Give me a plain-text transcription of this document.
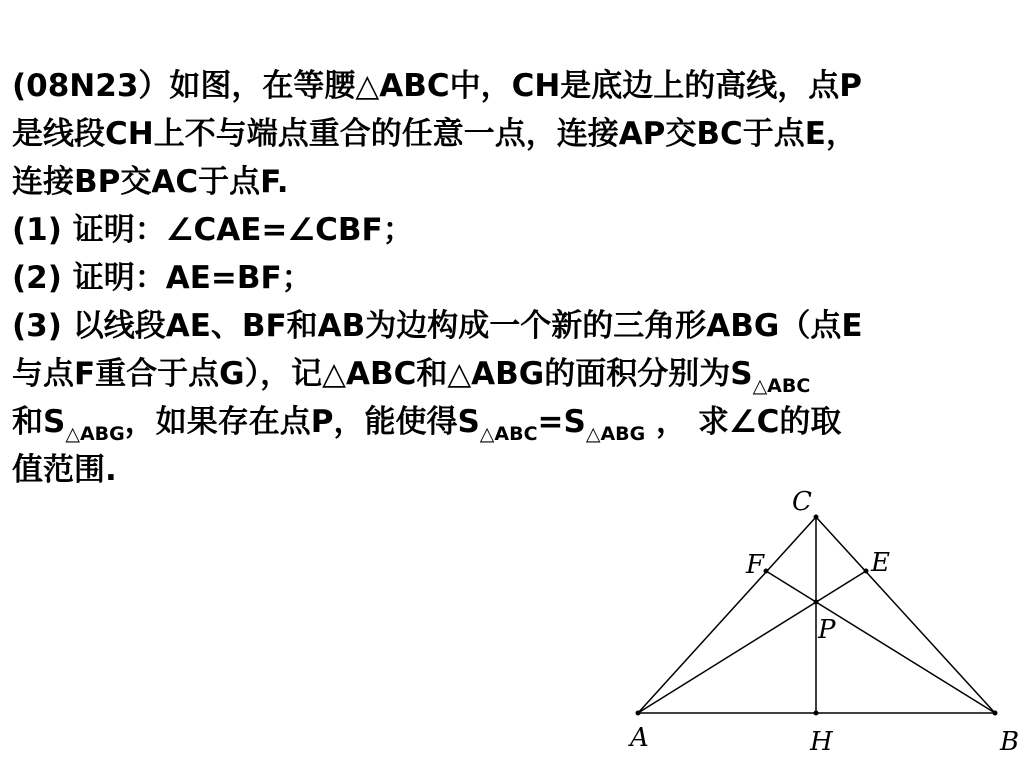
(08N23）如图，在等腰△ABC中，CH是底边上的高线，点P
是线段CH上不与端点重合的任意一点，连接AP交BC于点E，
连接BP交AC于点F.
(1) 证明：∠CAE=∠CBF；
(2) 证明：AE=BF；
(3) 以线段AE、BF和AB为边构成一个新的三角形ABG（点E
与点F重合于点G），记△ABC和△ABG的面积分别为$S_{\triangle ABC}$
和$S_{\triangle ABG}$，如果存在点P，能使得$S_{\triangle ABC}=S_{\triangle ABG}$ ， 求∠C的取
值范围.
C
F	E
P
A	H	B
